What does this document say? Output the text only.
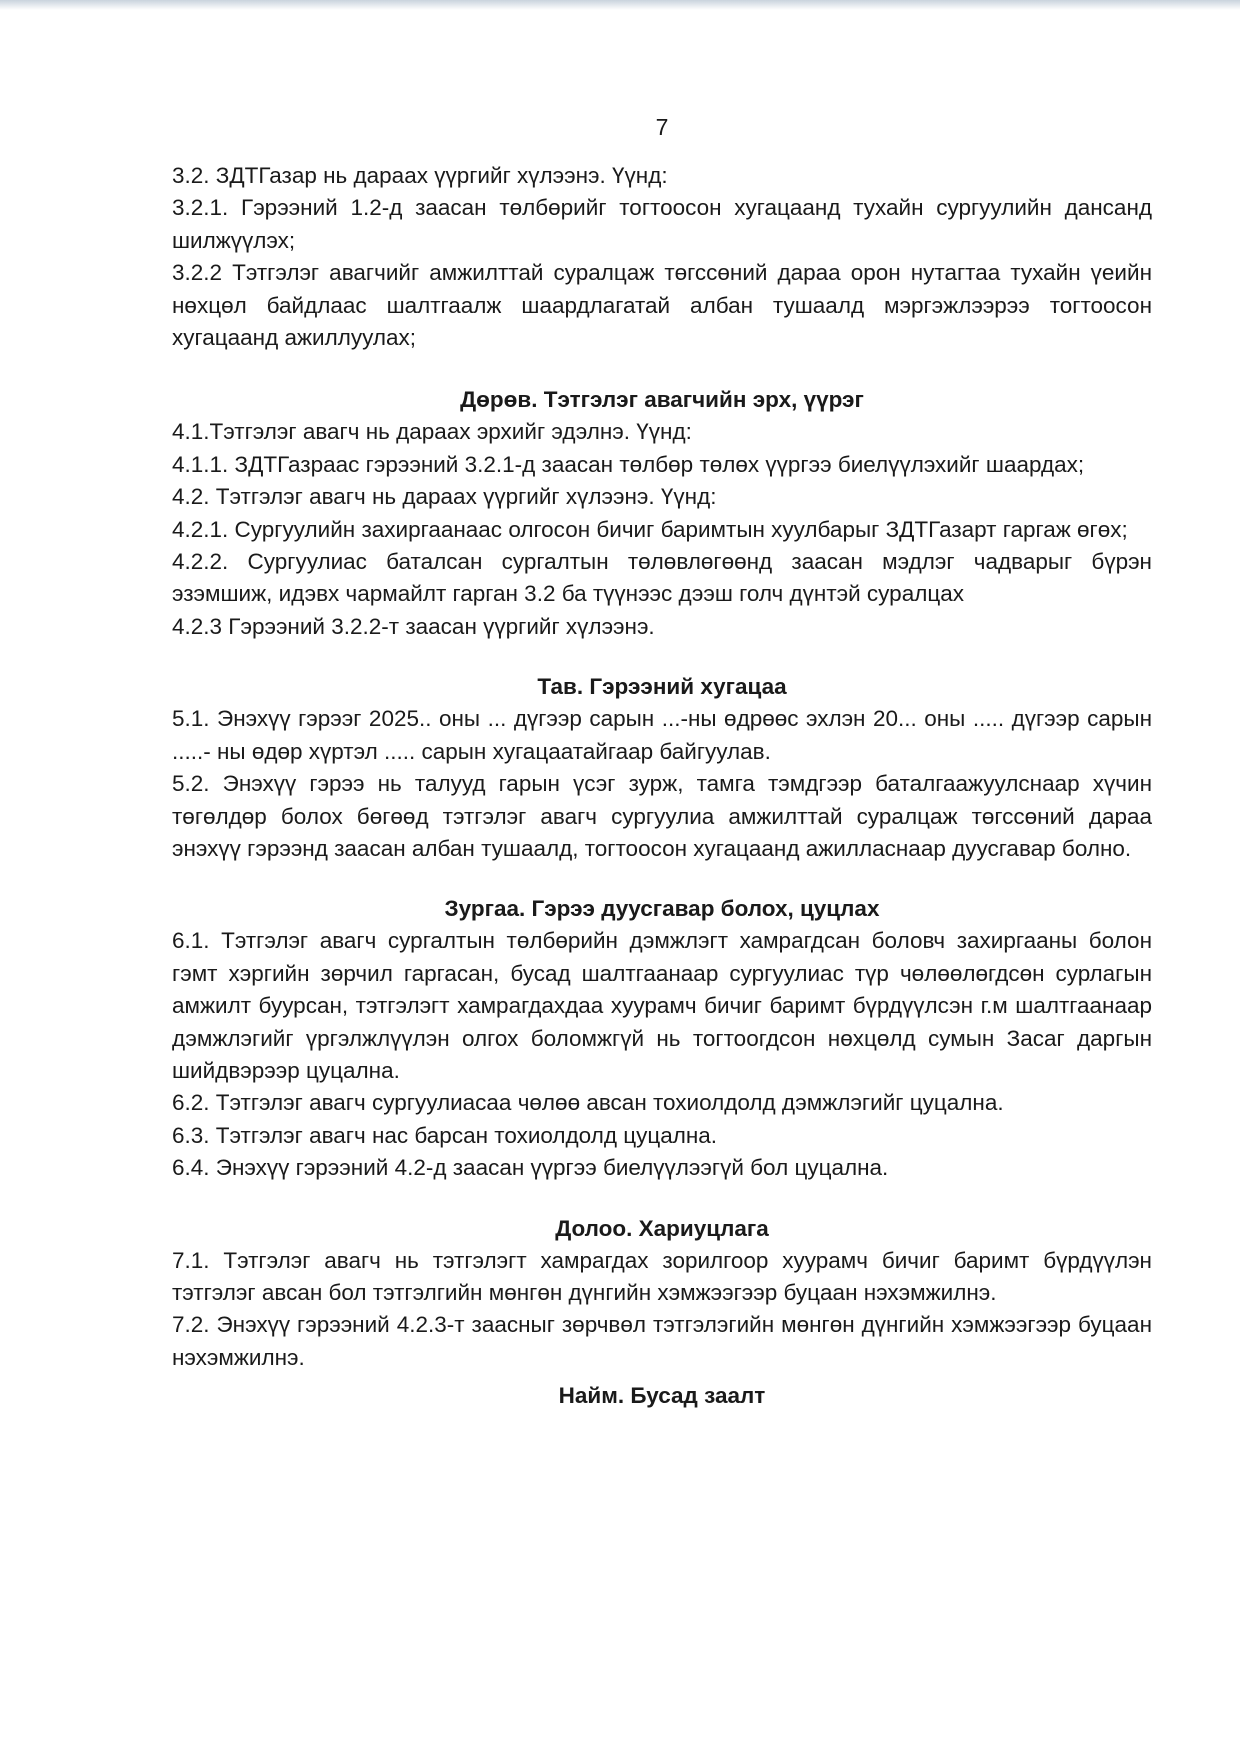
7

3.2. ЗДТГазар нь дараах үүргийг хүлээнэ. Үүнд:

3.2.1. Гэрээний 1.2-д заасан төлбөрийг тогтоосон хугацаанд тухайн сургуулийн дансанд шилжүүлэх;

3.2.2 Тэтгэлэг авагчийг амжилттай суралцаж төгссөний дараа орон нутагтаа тухайн үеийн нөхцөл байдлаас шалтгаалж шаардлагатай албан тушаалд мэргэжлээрээ тогтоосон хугацаанд ажиллуулах;

Дөрөв. Тэтгэлэг авагчийн эрх, үүрэг

4.1.Тэтгэлэг авагч нь дараах эрхийг эдэлнэ. Үүнд:

4.1.1. ЗДТГазраас гэрээний 3.2.1-д заасан төлбөр төлөх үүргээ биелүүлэхийг шаардах;

4.2. Тэтгэлэг авагч нь дараах үүргийг хүлээнэ. Үүнд:

4.2.1. Сургуулийн захиргаанаас олгосон бичиг баримтын хуулбарыг ЗДТГазарт гаргаж өгөх;

4.2.2. Сургуулиас баталсан сургалтын төлөвлөгөөнд заасан мэдлэг чадварыг бүрэн эзэмшиж, идэвх чармайлт гарган 3.2 ба түүнээс дээш голч дүнтэй суралцах

4.2.3 Гэрээний 3.2.2-т заасан үүргийг хүлээнэ.

Тав. Гэрээний хугацаа

5.1. Энэхүү гэрээг 2025.. оны ... дүгээр сарын ...-ны өдрөөс эхлэн 20... оны ..... дүгээр сарын .....- ны өдөр хүртэл ..... сарын хугацаатайгаар байгуулав.

5.2. Энэхүү гэрээ нь талууд гарын үсэг зурж, тамга тэмдгээр баталгаажуулснаар хүчин төгөлдөр болох бөгөөд тэтгэлэг авагч сургуулиа амжилттай суралцаж төгссөний дараа энэхүү гэрээнд заасан албан тушаалд, тогтоосон хугацаанд ажилласнаар дуусгавар болно.

Зургаа. Гэрээ дуусгавар болох, цуцлах

6.1. Тэтгэлэг авагч сургалтын төлбөрийн дэмжлэгт хамрагдсан боловч захиргааны болон гэмт хэргийн зөрчил гаргасан, бусад шалтгаанаар сургуулиас түр чөлөөлөгдсөн сурлагын амжилт буурсан, тэтгэлэгт хамрагдахдаа хуурамч бичиг баримт бүрдүүлсэн г.м шалтгаанаар дэмжлэгийг үргэлжлүүлэн олгох боломжгүй нь тогтоогдсон нөхцөлд сумын Засаг даргын шийдвэрээр цуцална.

6.2. Тэтгэлэг авагч сургуулиасаа чөлөө авсан тохиолдолд дэмжлэгийг цуцална.

6.3. Тэтгэлэг авагч нас барсан тохиолдолд цуцална.

6.4. Энэхүү гэрээний 4.2-д заасан үүргээ биелүүлээгүй бол цуцална.

Долоо. Хариуцлага

7.1. Тэтгэлэг авагч нь тэтгэлэгт хамрагдах зорилгоор хуурамч бичиг баримт бүрдүүлэн тэтгэлэг авсан бол тэтгэлгийн мөнгөн дүнгийн хэмжээгээр буцаан нэхэмжилнэ.

7.2. Энэхүү гэрээний 4.2.3-т заасныг зөрчвөл тэтгэлэгийн мөнгөн дүнгийн хэмжээгээр буцаан нэхэмжилнэ.

Найм. Бусад заалт
